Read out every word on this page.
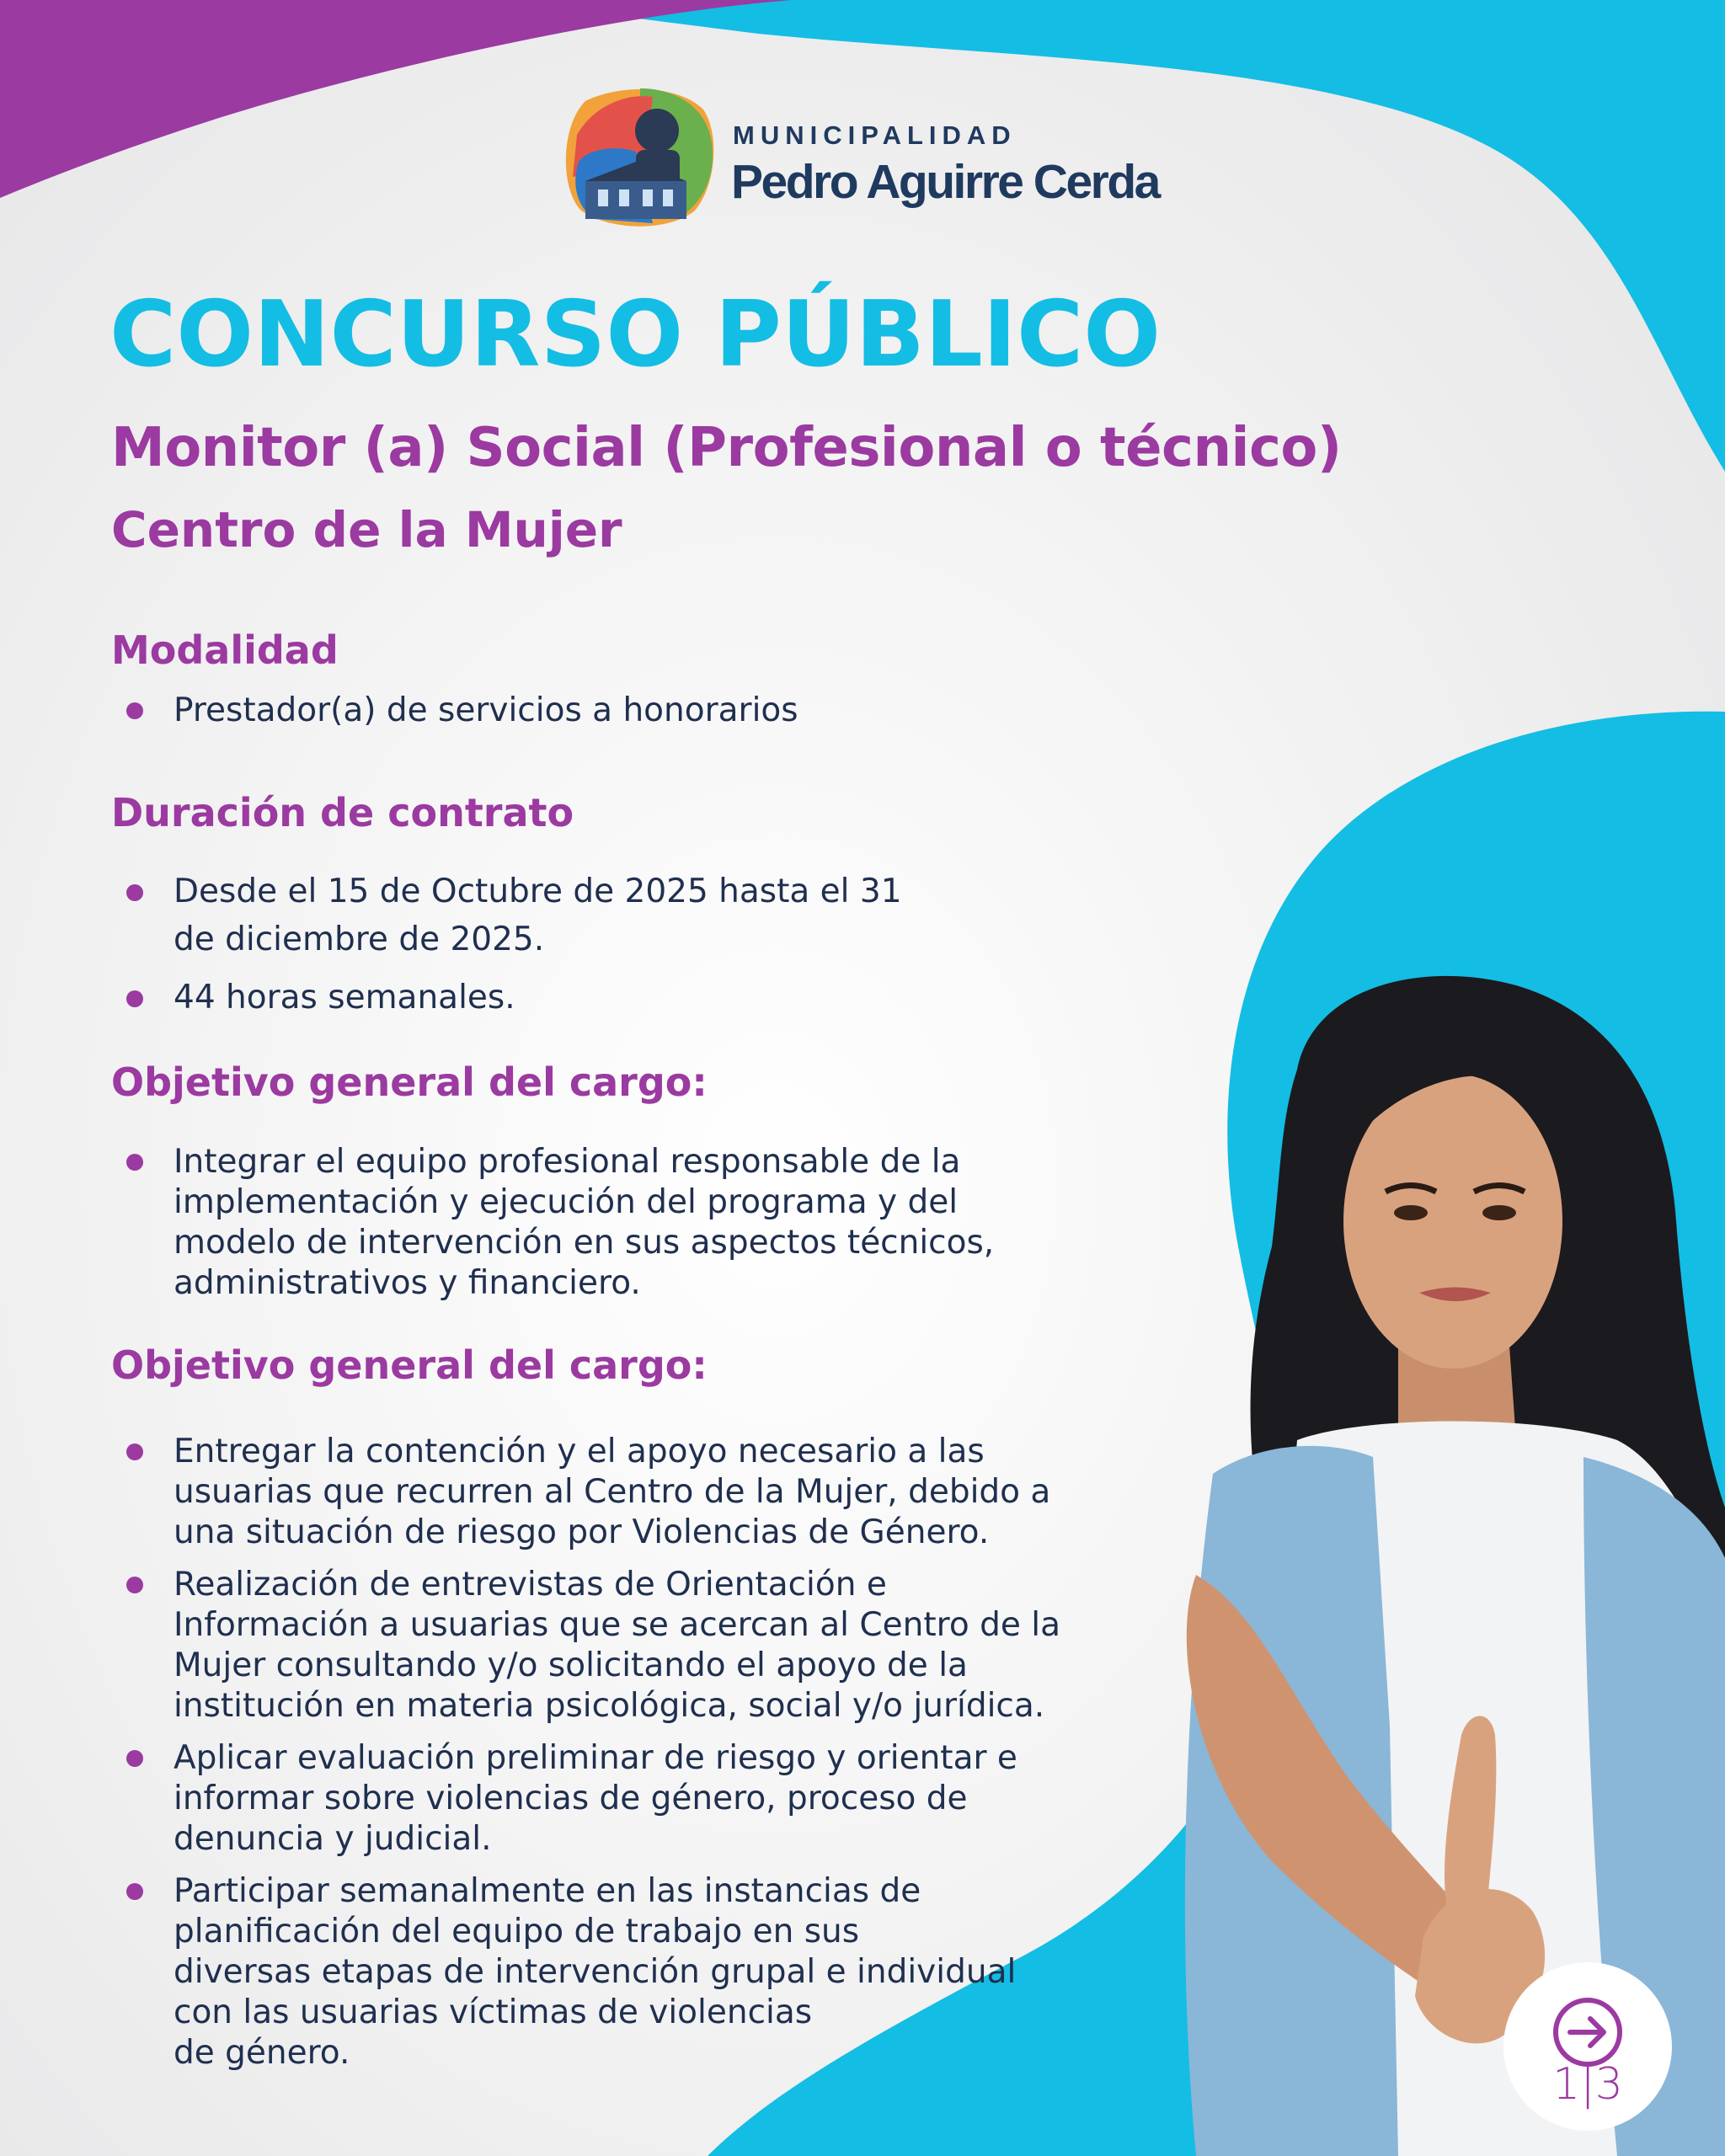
MUNICIPALIDAD
Pedro Aguirre Cerda
CONCURSO PÚBLICO
Monitor (a) Social (Profesional o técnico)
Centro de la Mujer
Modalidad
Prestador(a) de servicios a honorarios
Duración de contrato
Desde el 15 de Octubre de 2025 hasta el 31
de diciembre de 2025.
44 horas semanales.
Objetivo general del cargo:
Integrar el equipo profesional responsable de la
implementación y ejecución del programa y del
modelo de intervención en sus aspectos técnicos,
administrativos y financiero.
Objetivo general del cargo:
Entregar la contención y el apoyo necesario a las
usuarias que recurren al Centro de la Mujer, debido a
una situación de riesgo por Violencias de Género.
Realización de entrevistas de Orientación e
Información a usuarias que se acercan al Centro de la
Mujer consultando y/o solicitando el apoyo de la
institución en materia psicológica, social y/o jurídica.
Aplicar evaluación preliminar de riesgo y orientar e
informar sobre violencias de género, proceso de
denuncia y judicial.
Participar semanalmente en las instancias de
planificación del equipo de trabajo en sus
diversas etapas de intervención grupal e individual
con las usuarias víctimas de violencias
de género.
1|3
